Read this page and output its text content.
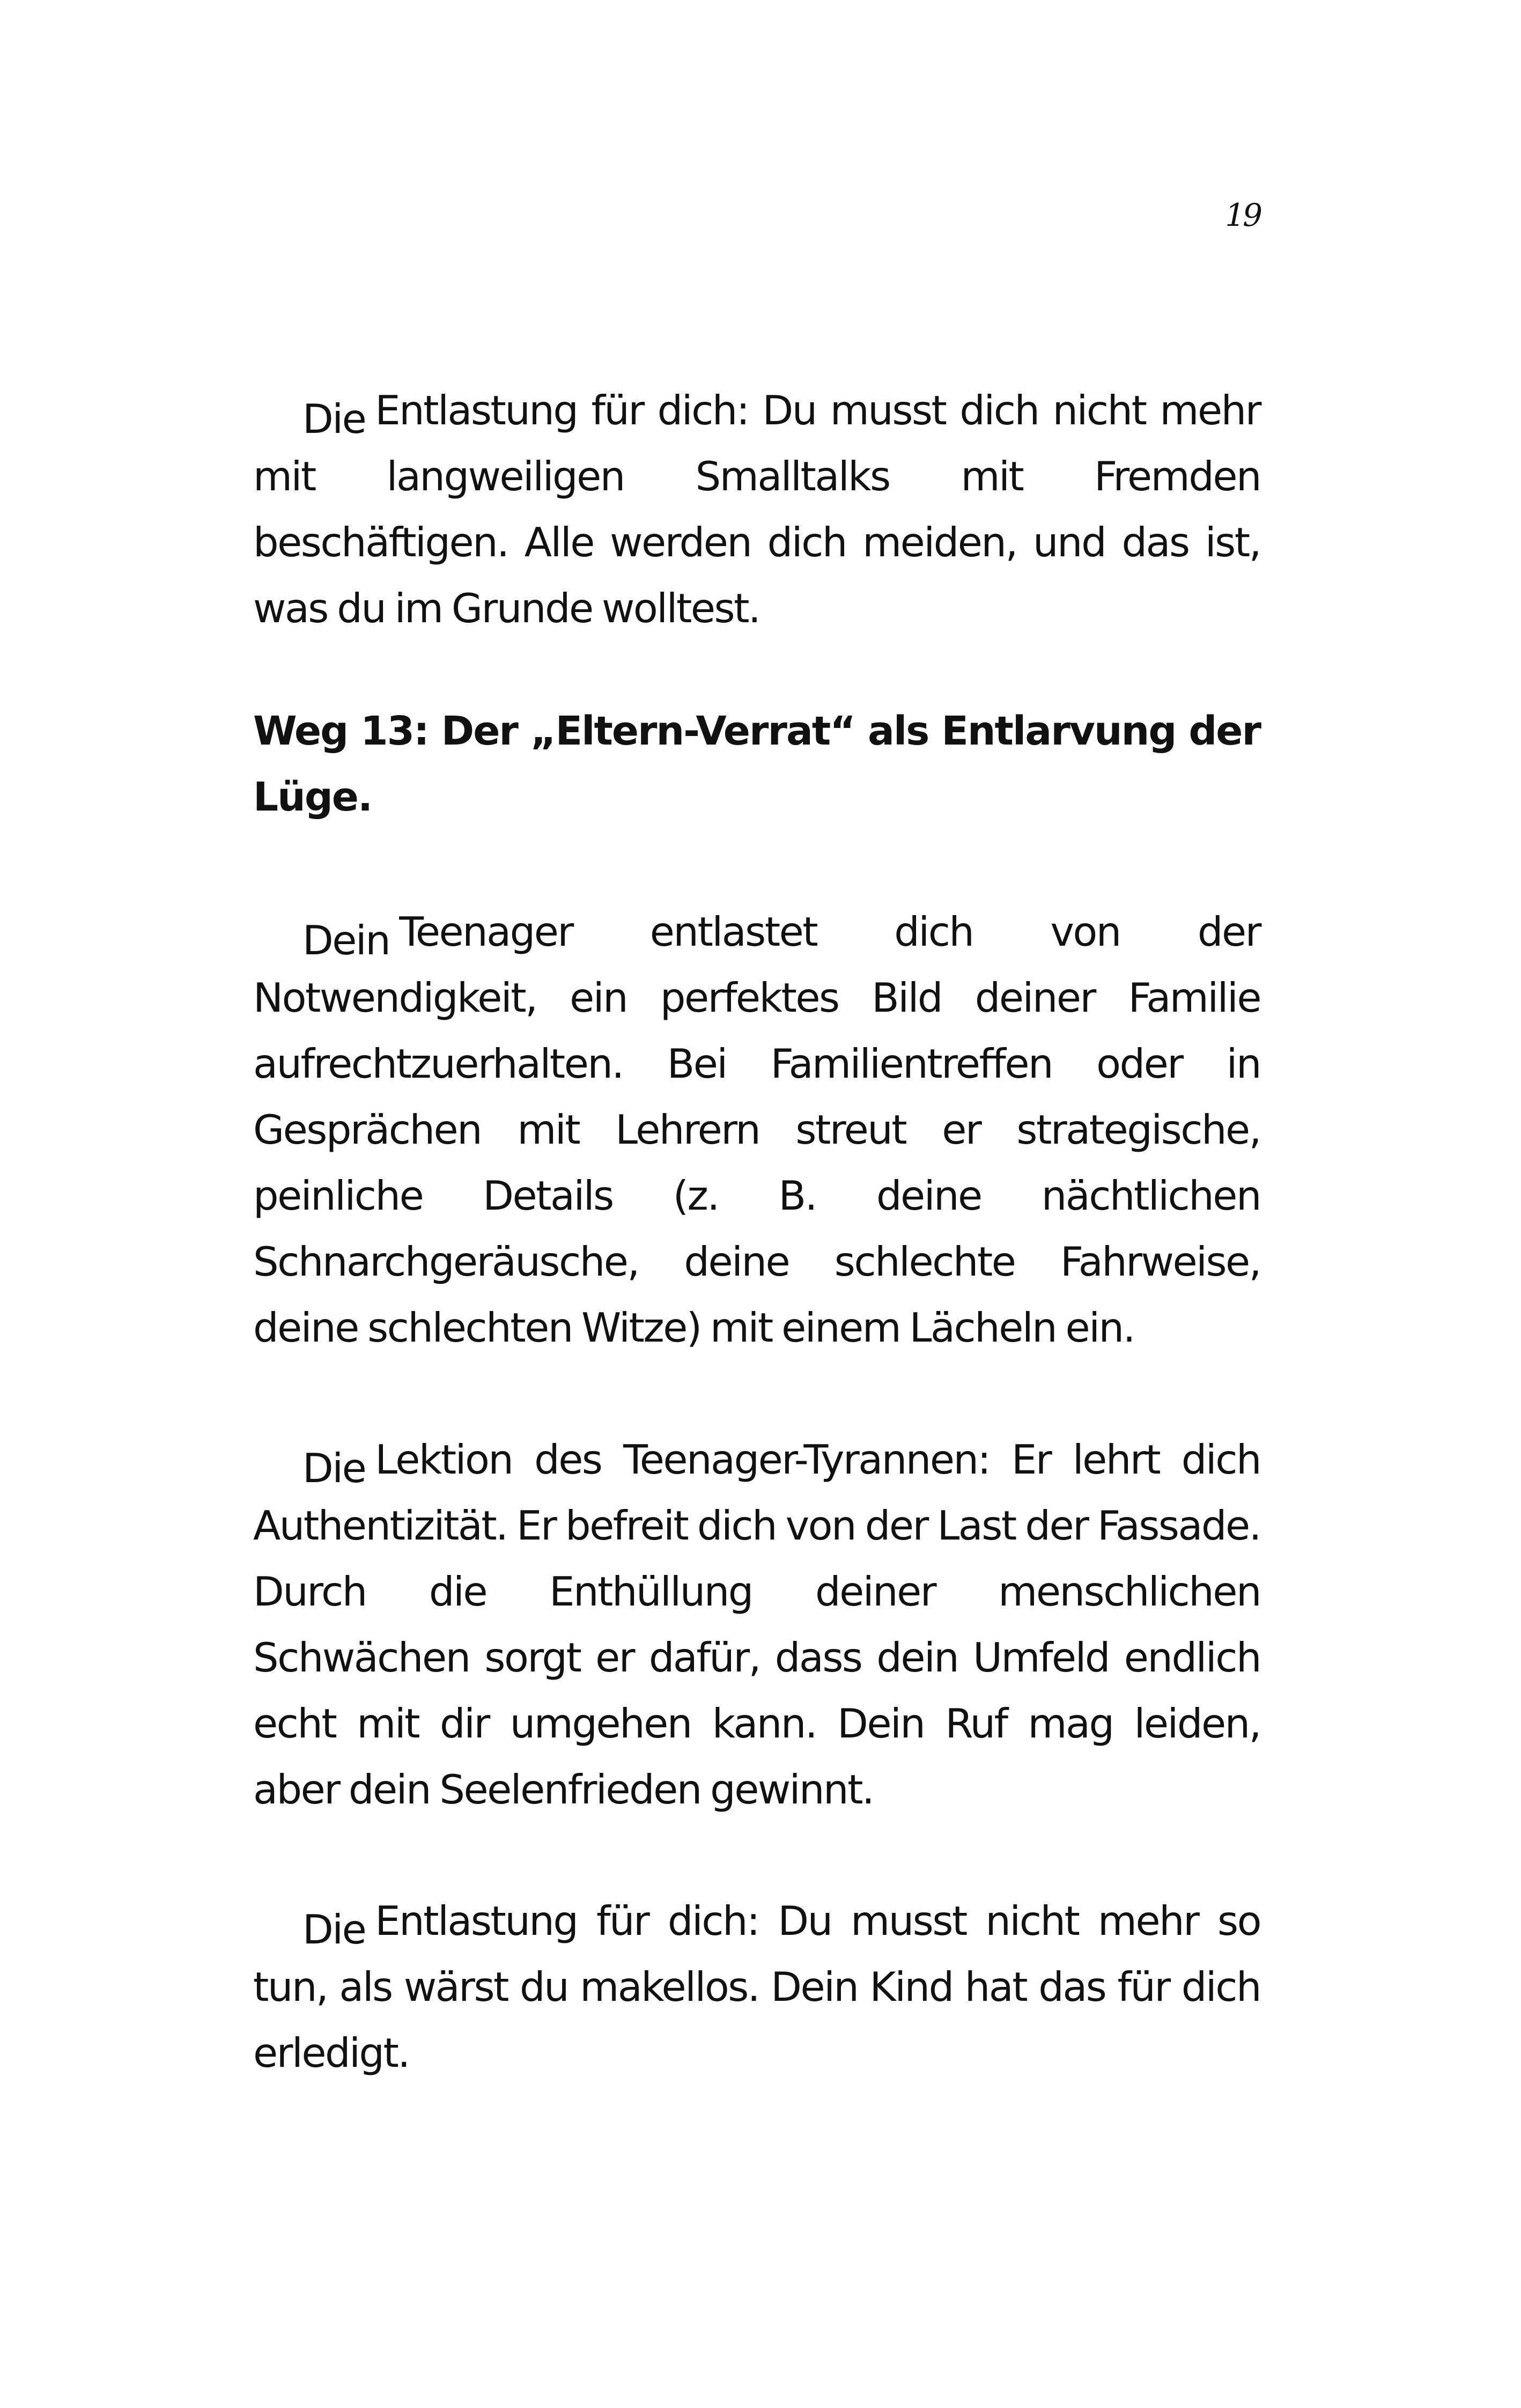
19

Die Entlastung für dich: Du musst dich nicht mehr mit langweiligen Smalltalks mit Fremden beschäftigen. Alle werden dich meiden, und das ist, was du im Grunde wolltest.

Weg 13: Der „Eltern-Verrat“ als Entlarvung der Lüge.

Dein Teenager entlastet dich von der Notwendigkeit, ein perfektes Bild deiner Familie aufrechtzuerhalten. Bei Familientreffen oder in Gesprächen mit Lehrern streut er strategische, peinliche Details (z. B. deine nächtlichen Schnarchgeräusche, deine schlechte Fahrweise, deine schlechten Witze) mit einem Lächeln ein.

Die Lektion des Teenager-Tyrannen: Er lehrt dich Authentizität. Er befreit dich von der Last der Fassade. Durch die Enthüllung deiner menschlichen Schwächen sorgt er dafür, dass dein Umfeld endlich echt mit dir umgehen kann. Dein Ruf mag leiden, aber dein Seelenfrieden gewinnt.

Die Entlastung für dich: Du musst nicht mehr so tun, als wärst du makellos. Dein Kind hat das für dich erledigt.
